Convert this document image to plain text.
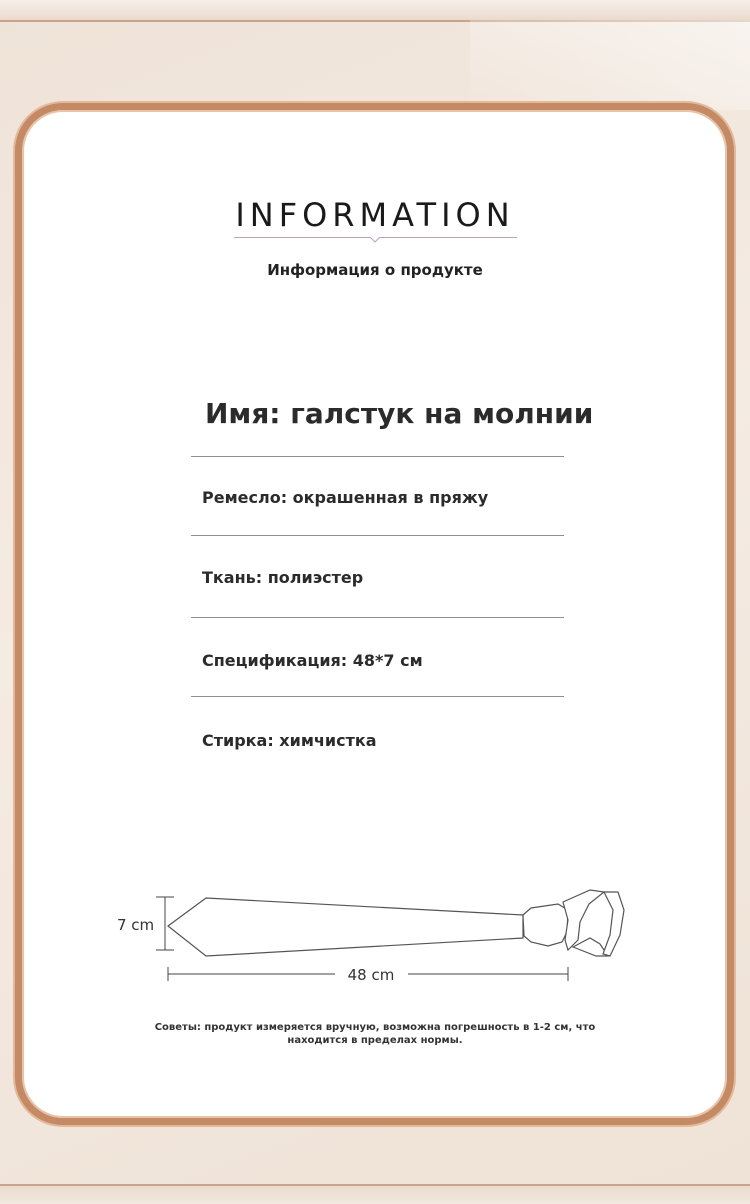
INFORMATION
Информация о продукте
Имя: галстук на молнии
Ремесло: окрашенная в пряжу
Ткань: полиэстер
Спецификация: 48*7 см
Стирка: химчистка
7 cm
48 cm
Советы: продукт измеряется вручную, возможна погрешность в 1-2 см, что
находится в пределах нормы.
